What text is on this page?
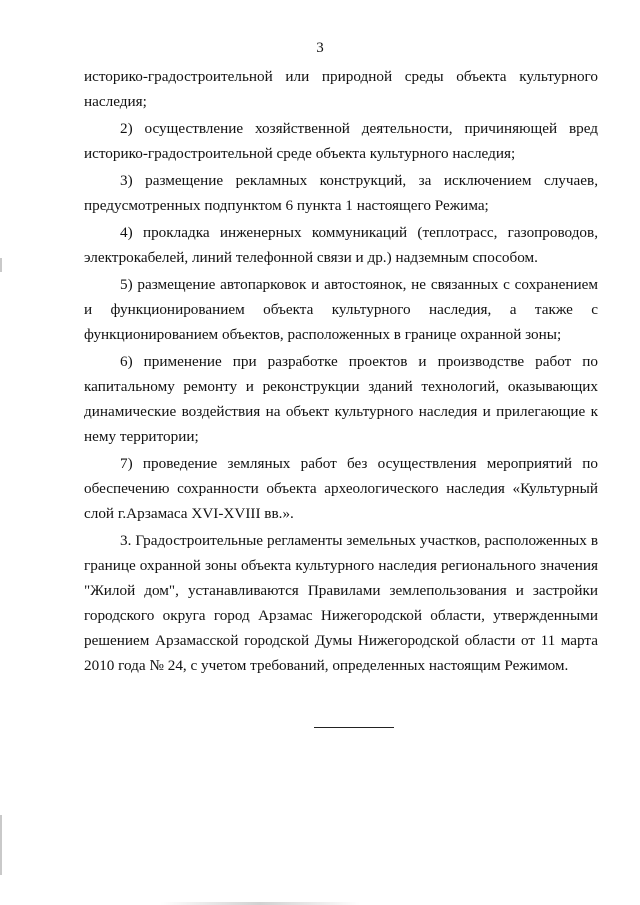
3

историко-градостроительной или природной среды объекта культурного наследия;

2) осуществление хозяйственной деятельности, причиняющей вред историко-градостроительной среде объекта культурного наследия;

3) размещение рекламных конструкций, за исключением случаев, предусмотренных подпунктом 6 пункта 1 настоящего Режима;

4) прокладка инженерных коммуникаций (теплотрасс, газопроводов, электрокабелей, линий телефонной связи и др.) надземным способом.

5) размещение автопарковок и автостоянок, не связанных с сохранением и функционированием объекта культурного наследия, а также с функционированием объектов, расположенных в границе охранной зоны;

6) применение при разработке проектов и производстве работ по капитальному ремонту и реконструкции зданий технологий, оказывающих динамические воздействия на объект культурного наследия и прилегающие к нему территории;

7) проведение земляных работ без осуществления мероприятий по обеспечению сохранности объекта археологического наследия «Культурный слой г.Арзамаса XVI-XVIII вв.».

3. Градостроительные регламенты земельных участков, расположенных в границе охранной зоны объекта культурного наследия регионального значения "Жилой дом", устанавливаются Правилами землепользования и застройки городского округа город Арзамас Нижегородской области, утвержденными решением Арзамасской городской Думы Нижегородской области от 11 марта 2010 года № 24, с учетом требований, определенных настоящим Режимом.
